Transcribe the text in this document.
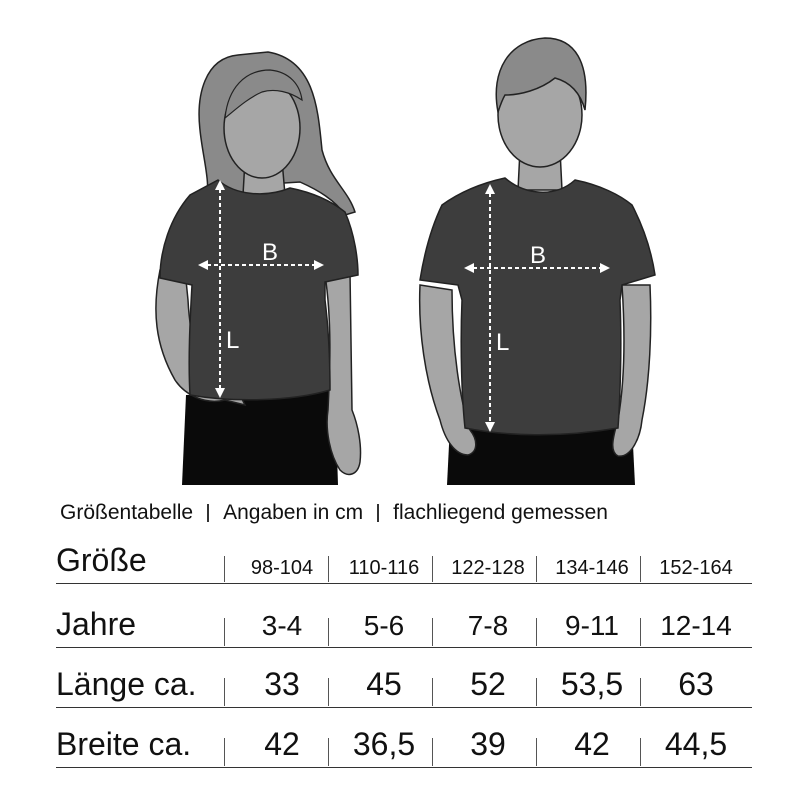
B
L
B
L
Größentabelle Angaben in cm flachliegend gemessen
Größe	98-104	110-116	122-128	134-146	152-164
Jahre	3-4	5-6	7-8	9-11	12-14
Länge ca.	33	45	52	53,5	63
Breite ca.	42	36,5	39	42	44,5
